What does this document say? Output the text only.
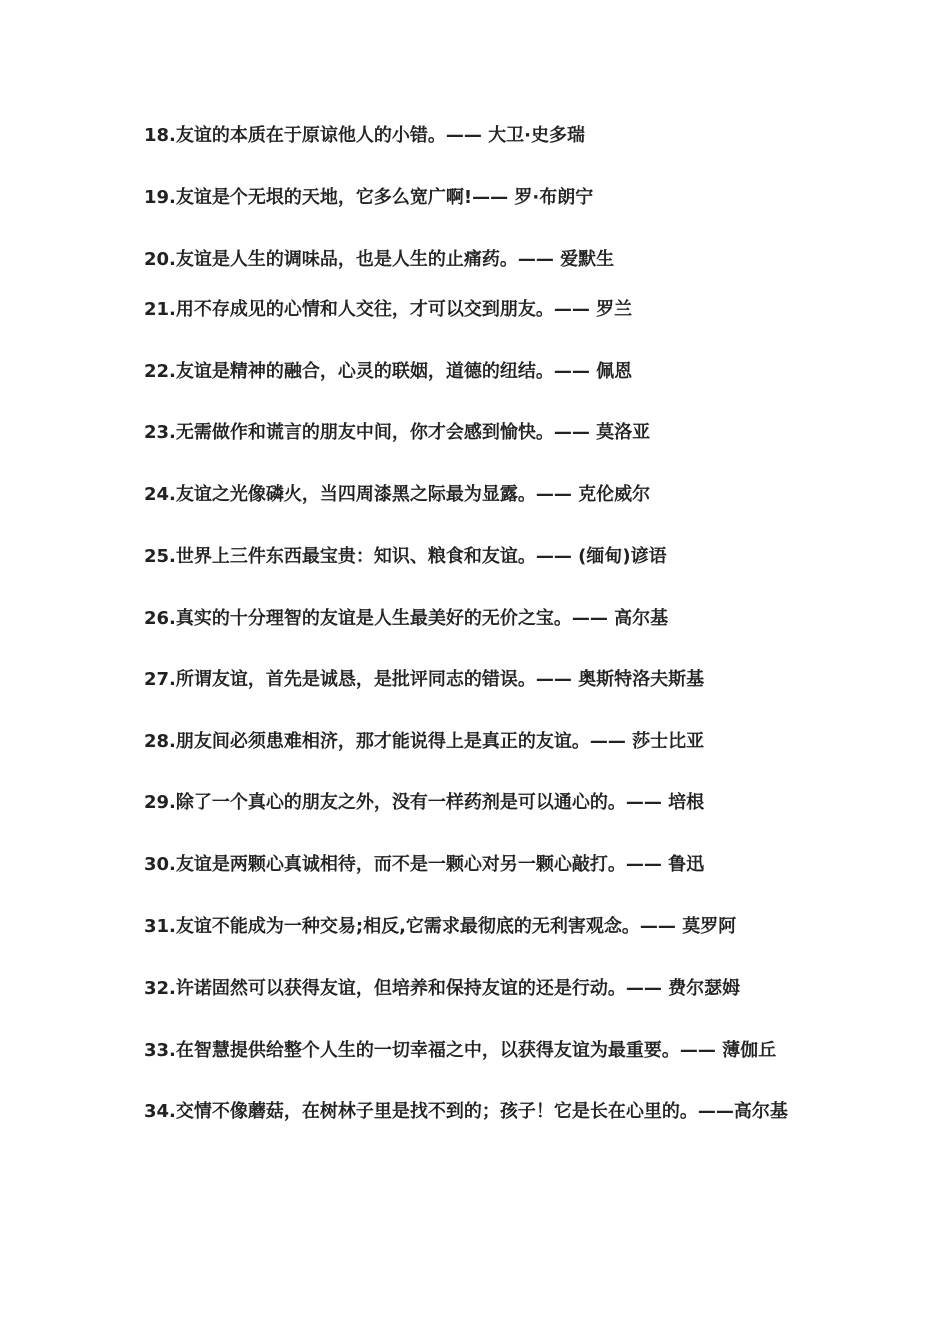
18.友谊的本质在于原谅他人的小错。—— 大卫·史多瑞
19.友谊是个无垠的天地，它多么宽广啊!—— 罗·布朗宁
20.友谊是人生的调味品，也是人生的止痛药。—— 爱默生
21.用不存成见的心情和人交往，才可以交到朋友。—— 罗兰
22.友谊是精神的融合，心灵的联姻，道德的纽结。—— 佩恩
23.无需做作和谎言的朋友中间，你才会感到愉快。—— 莫洛亚
24.友谊之光像磷火，当四周漆黑之际最为显露。—— 克伦威尔
25.世界上三件东西最宝贵：知识、粮食和友谊。—— (缅甸)谚语
26.真实的十分理智的友谊是人生最美好的无价之宝。—— 高尔基
27.所谓友谊，首先是诚恳，是批评同志的错误。—— 奥斯特洛夫斯基
28.朋友间必须患难相济，那才能说得上是真正的友谊。—— 莎士比亚
29.除了一个真心的朋友之外，没有一样药剂是可以通心的。—— 培根
30.友谊是两颗心真诚相待，而不是一颗心对另一颗心敲打。—— 鲁迅
31.友谊不能成为一种交易;相反,它需求最彻底的无利害观念。—— 莫罗阿
32.许诺固然可以获得友谊，但培养和保持友谊的还是行动。—— 费尔瑟姆
33.在智慧提供给整个人生的一切幸福之中，以获得友谊为最重要。—— 薄伽丘
34.交情不像蘑菇，在树林子里是找不到的；孩子！它是长在心里的。——高尔基
